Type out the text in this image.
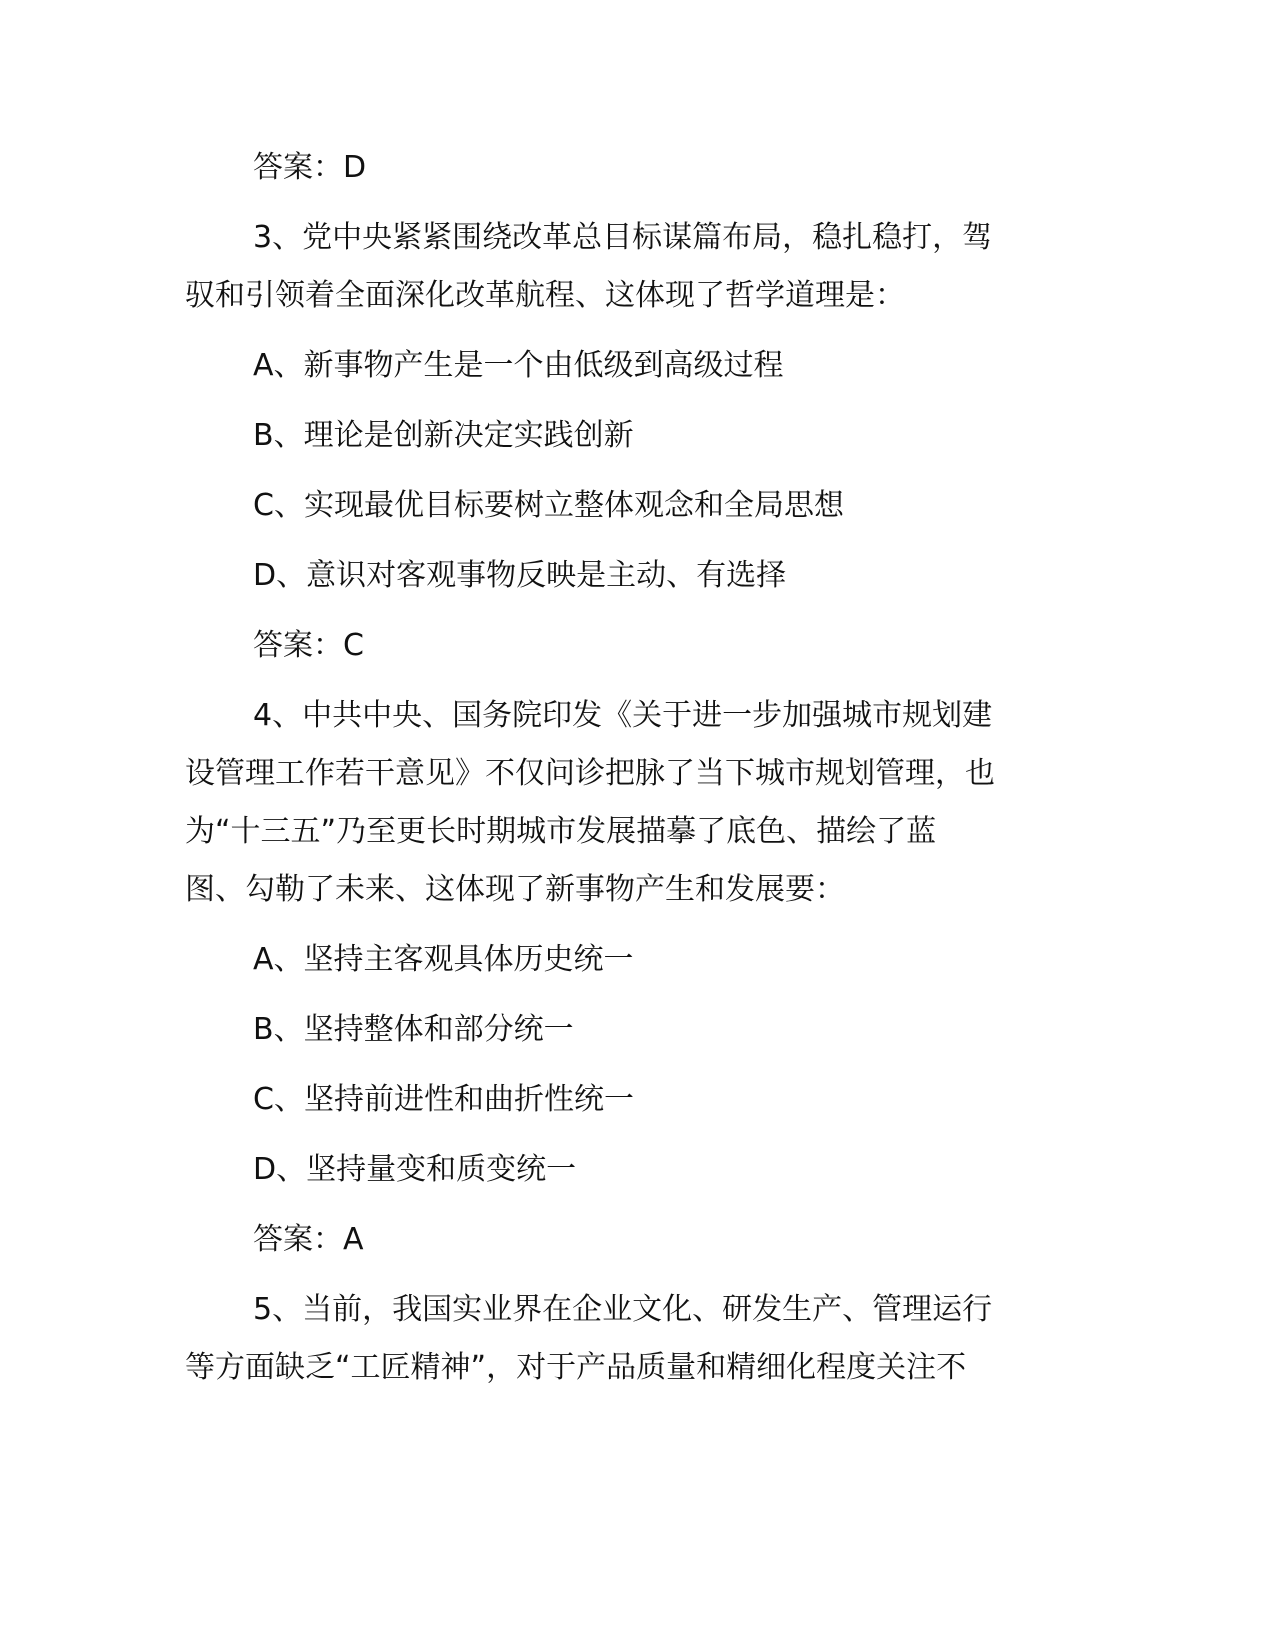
答案：D
3、党中央紧紧围绕改革总目标谋篇布局，稳扎稳打，驾
驭和引领着全面深化改革航程、这体现了哲学道理是：
A、新事物产生是一个由低级到高级过程
B、理论是创新决定实践创新
C、实现最优目标要树立整体观念和全局思想
D、意识对客观事物反映是主动、有选择
答案：C
4、中共中央、国务院印发《关于进一步加强城市规划建
设管理工作若干意见》不仅问诊把脉了当下城市规划管理，也
为“十三五”乃至更长时期城市发展描摹了底色、描绘了蓝
图、勾勒了未来、这体现了新事物产生和发展要：
A、坚持主客观具体历史统一
B、坚持整体和部分统一
C、坚持前进性和曲折性统一
D、坚持量变和质变统一
答案：A
5、当前，我国实业界在企业文化、研发生产、管理运行
等方面缺乏“工匠精神”，对于产品质量和精细化程度关注不
